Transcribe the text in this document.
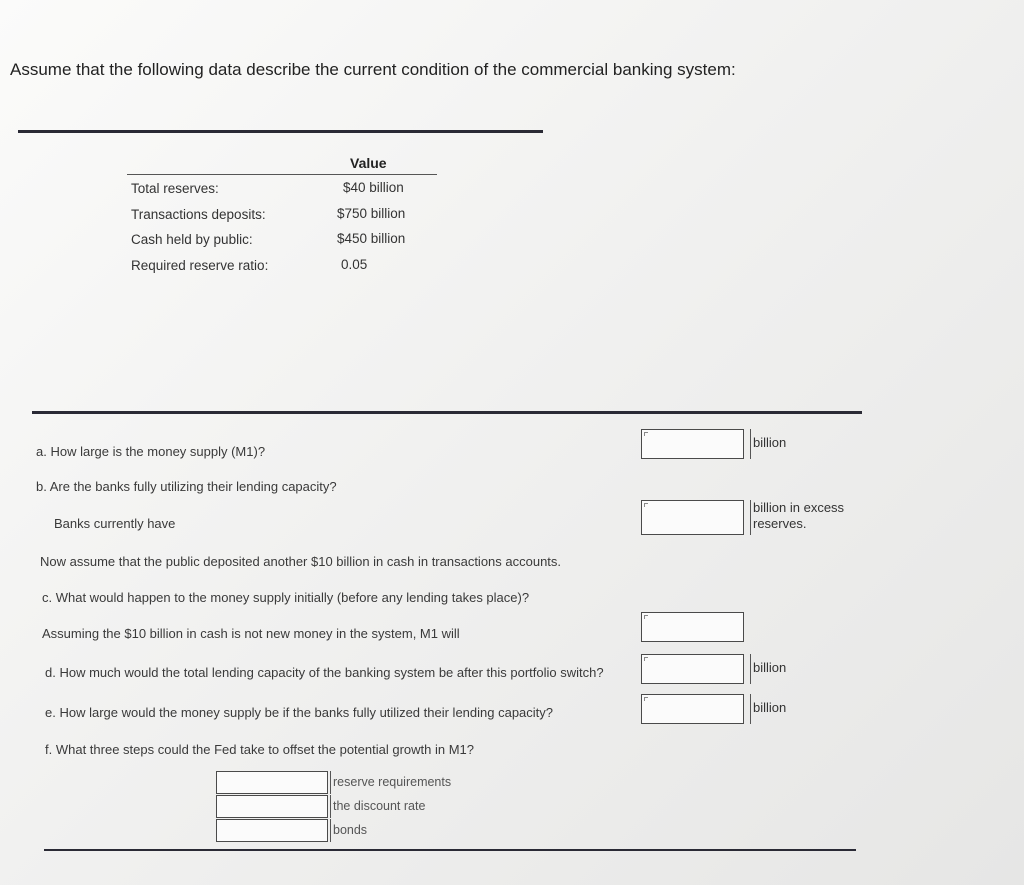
Assume that the following data describe the current condition of the commercial banking system:
Value
Total reserves:	$40 billion
Transactions deposits:	$750 billion
Cash held by public:	$450 billion
Required reserve ratio:	0.05
a. How large is the money supply (M1)?
billion
b. Are the banks fully utilizing their lending capacity?
Banks currently have
billion in excess
reserves.
Now assume that the public deposited another $10 billion in cash in transactions accounts.
c. What would happen to the money supply initially (before any lending takes place)?
Assuming the $10 billion in cash is not new money in the system, M1 will
d. How much would the total lending capacity of the banking system be after this portfolio switch?	billion
e. How large would the money supply be if the banks fully utilized their lending capacity?	billion
f. What three steps could the Fed take to offset the potential growth in M1?
reserve requirements
the discount rate
bonds
